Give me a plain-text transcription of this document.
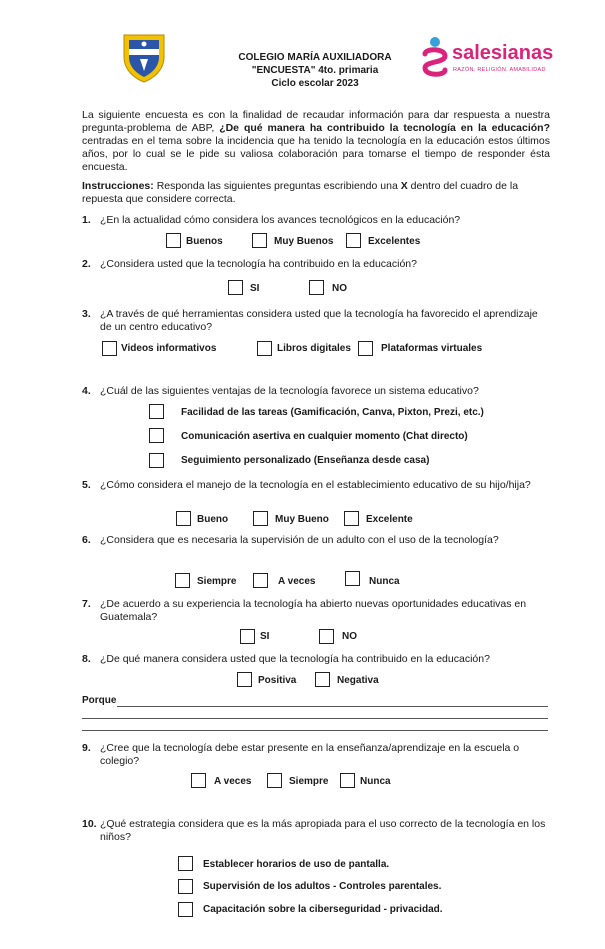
COLEGIO MARÍA AUXILIADORA
"ENCUESTA" 4to. primaria
Ciclo escolar 2023
salesianas
RAZÓN. RELIGIÓN. AMABILIDAD
La siguiente encuesta es con la finalidad de recaudar información para dar respuesta a nuestra pregunta-problema de ABP, ¿De qué manera ha contribuido la tecnología en la educación? centradas en el tema sobre la incidencia que ha tenido la tecnología en la educación estos últimos años, por lo cual se le pide su valiosa colaboración para tomarse el tiempo de responder ésta encuesta.
Instrucciones: Responda las siguientes preguntas escribiendo una X dentro del cuadro de la repuesta que considere correcta.
1. ¿En la actualidad cómo considera los avances tecnológicos en la educación?
Buenos	Muy Buenos	Excelentes
2. ¿Considera usted que la tecnología ha contribuido en la educación?
SI	NO
3. ¿A través de qué herramientas considera usted que la tecnología ha favorecido el aprendizaje de un centro educativo?
Videos informativos	Libros digitales	Plataformas virtuales
4. ¿Cuál de las siguientes ventajas de la tecnología favorece un sistema educativo?
Facilidad de las tareas (Gamificación, Canva, Pixton, Prezi, etc.)
Comunicación asertiva en cualquier momento (Chat directo)
Seguimiento personalizado (Enseñanza desde casa)
5. ¿Cómo considera el manejo de la tecnología en el establecimiento educativo de su hijo/hija?
Bueno	Muy Bueno	Excelente
6. ¿Considera que es necesaria la supervisión de un adulto con el uso de la tecnología?
Siempre	A veces	Nunca
7. ¿De acuerdo a su experiencia la tecnología ha abierto nuevas oportunidades educativas en Guatemala?
SI	NO
8. ¿De qué manera considera usted que la tecnología ha contribuido en la educación?
Positiva	Negativa
Porque
9. ¿Cree que la tecnología debe estar presente en la enseñanza/aprendizaje en la escuela o colegio?
A veces	Siempre	Nunca
10. ¿Qué estrategia considera que es la más apropiada para el uso correcto de la tecnología en los niños?
Establecer horarios de uso de pantalla.
Supervisión de los adultos - Controles parentales.
Capacitación sobre la ciberseguridad - privacidad.
